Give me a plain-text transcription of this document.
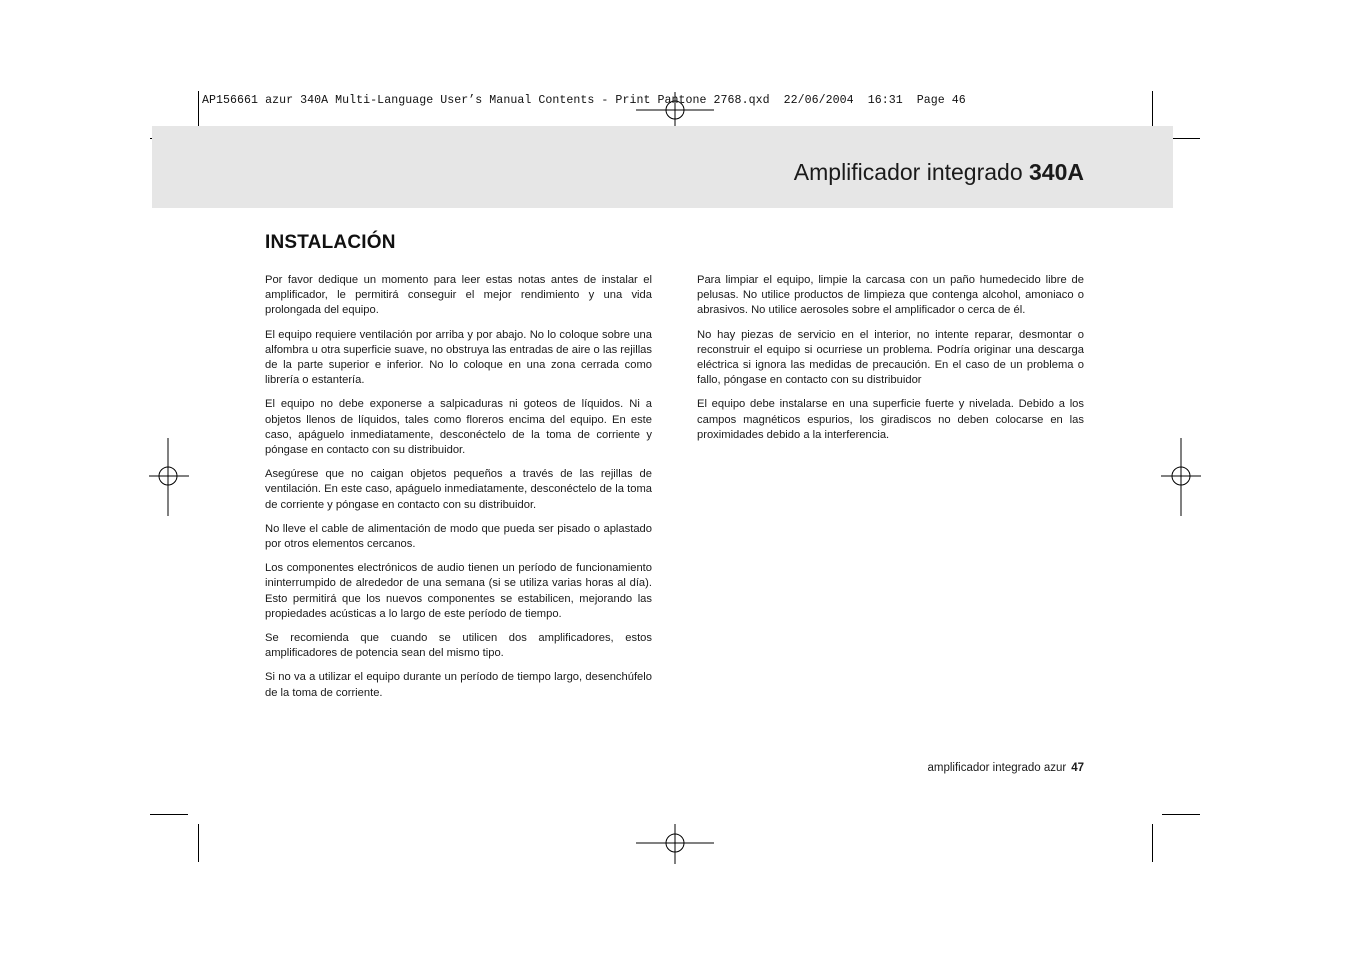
AP156661 azur 340A Multi-Language User’s Manual Contents - Print Pantone 2768.qxd  22/06/2004  16:31  Page 46
Amplificador integrado 340A
INSTALACIÓN

Por favor dedique un momento para leer estas notas antes de instalar el amplificador, le permitirá conseguir el mejor rendimiento y una vida prolongada del equipo.

El equipo requiere ventilación por arriba y por abajo. No lo coloque sobre una alfombra u otra superficie suave, no obstruya las entradas de aire o las rejillas de la parte superior e inferior. No lo coloque en una zona cerrada como librería o estantería.

El equipo no debe exponerse a salpicaduras ni goteos de líquidos. Ni a objetos llenos de líquidos, tales como floreros encima del equipo. En este caso, apáguelo inmediatamente, desconéctelo de la toma de corriente y póngase en contacto con su distribuidor.

Asegúrese que no caigan objetos pequeños a través de las rejillas de ventilación. En este caso, apáguelo inmediatamente, desconéctelo de la toma de corriente y póngase en contacto con su distribuidor.

No lleve el cable de alimentación de modo que pueda ser pisado o aplastado por otros elementos cercanos.

Los componentes electrónicos de audio tienen un período de funcionamiento ininterrumpido de alrededor de una semana (si se utiliza varias horas al día). Esto permitirá que los nuevos componentes se estabilicen, mejorando las propiedades acústicas a lo largo de este período de tiempo.

Se recomienda que cuando se utilicen dos amplificadores, estos amplificadores de potencia sean del mismo tipo.

Si no va a utilizar el equipo durante un período de tiempo largo, desenchúfelo de la toma de corriente.

Para limpiar el equipo, limpie la carcasa con un paño humedecido libre de pelusas. No utilice productos de limpieza que contenga alcohol, amoniaco o abrasivos. No utilice aerosoles sobre el amplificador o cerca de él.

No hay piezas de servicio en el interior, no intente reparar, desmontar o reconstruir el equipo si ocurriese un problema. Podría originar una descarga eléctrica si ignora las medidas de precaución. En el caso de un problema o fallo, póngase en contacto con su distribuidor

El equipo debe instalarse en una superficie fuerte y nivelada. Debido a los campos magnéticos espurios, los giradiscos no deben colocarse en las proximidades debido a la interferencia.

amplificador integrado azur 47
